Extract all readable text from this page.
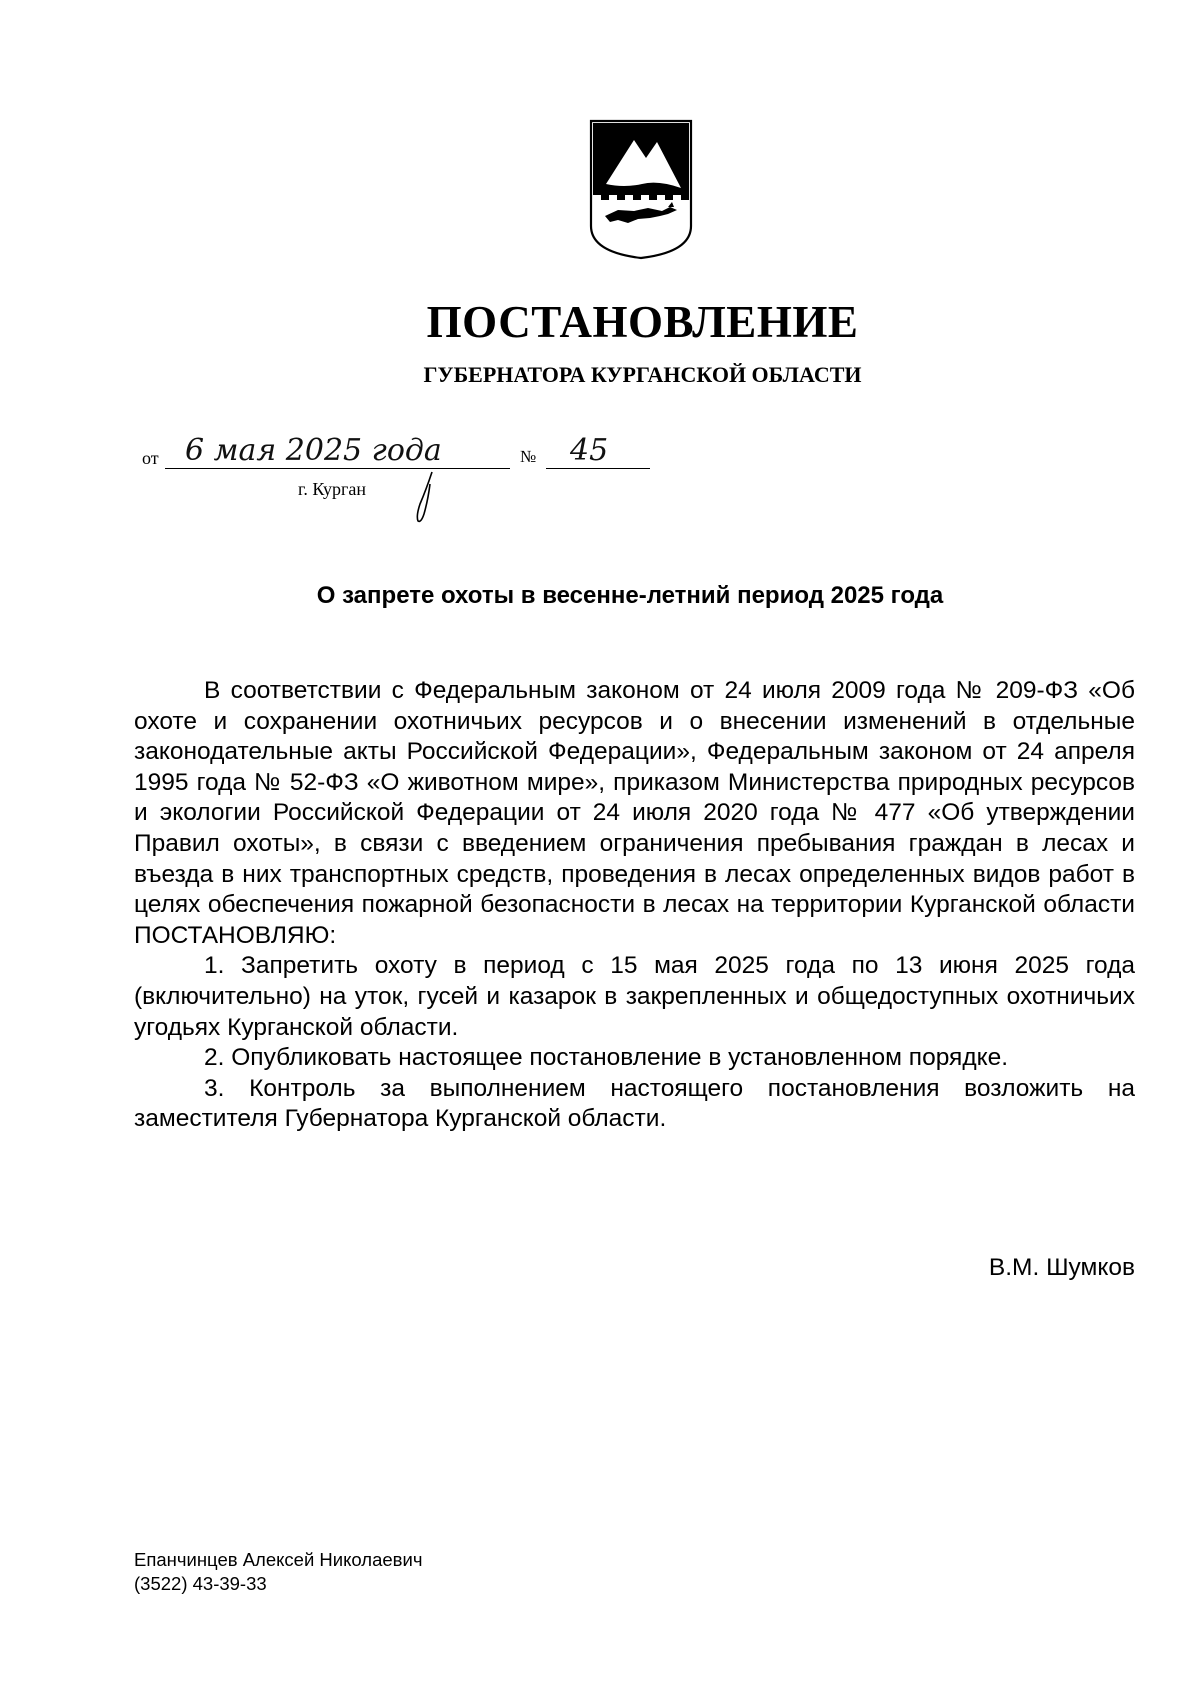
ПОСТАНОВЛЕНИЕ
ГУБЕРНАТОРА КУРГАНСКОЙ ОБЛАСТИ
от 6 мая 2025 года	№ 45
г. Курган
О запрете охоты в весенне-летний период 2025 года

В соответствии с Федеральным законом от 24 июля 2009 года № 209-ФЗ «Об охоте и сохранении охотничьих ресурсов и о внесении изменений в отдельные законодательные акты Российской Федерации», Федеральным законом от 24 апреля 1995 года № 52-ФЗ «О животном мире», приказом Министерства природных ресурсов и экологии Российской Федерации от 24 июля 2020 года № 477 «Об утверждении Правил охоты», в связи с введением ограничения пребывания граждан в лесах и въезда в них транспортных средств, проведения в лесах определенных видов работ в целях обеспечения пожарной безопасности в лесах на территории Курганской области ПОСТАНОВЛЯЮ:

1. Запретить охоту в период с 15 мая 2025 года по 13 июня 2025 года (включительно) на уток, гусей и казарок в закрепленных и общедоступных охотничьих угодьях Курганской области.

2. Опубликовать настоящее постановление в установленном порядке.

3. Контроль за выполнением настоящего постановления возложить на заместителя Губернатора Курганской области.

В.М. Шумков
Епанчинцев Алексей Николаевич
(3522) 43-39-33
